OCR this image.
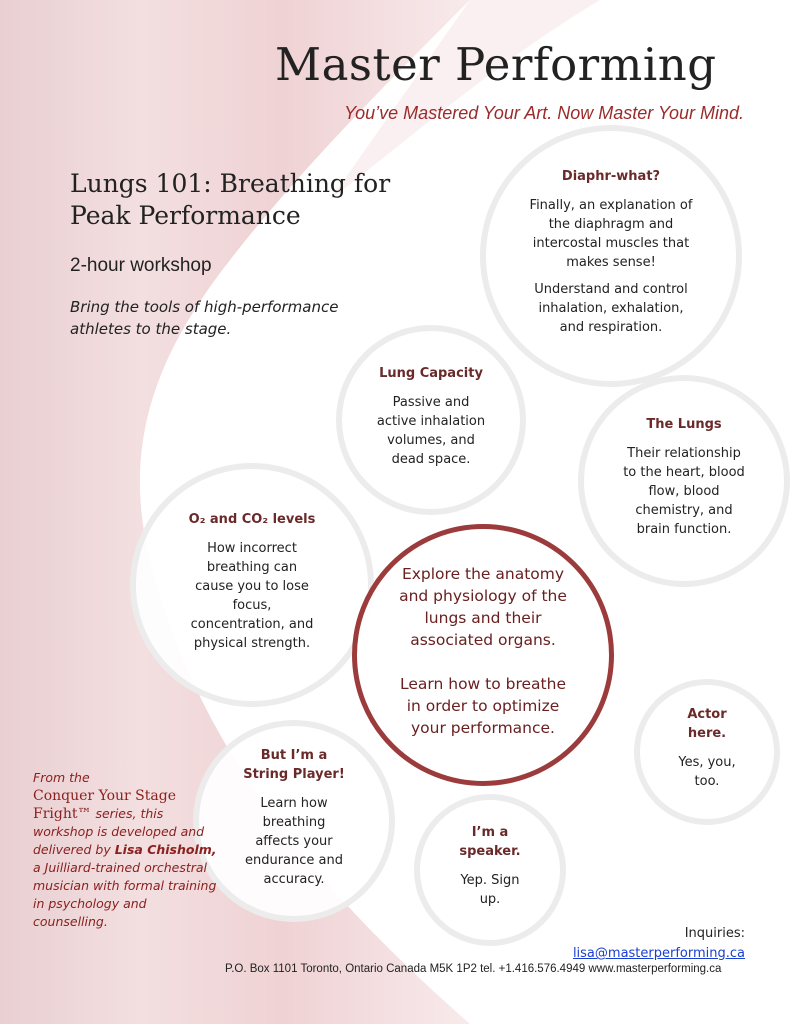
Master Performing
You’ve Mastered Your Art. Now Master Your Mind.
Lungs 101: Breathing for Peak Performance
2-hour workshop
Bring the tools of high-performance athletes to the stage.
Diaphr-what?

Finally, an explanation of the diaphragm and intercostal muscles that makes sense!

Understand and control inhalation, exhalation, and respiration.

Lung Capacity

Passive and active inhalation volumes, and dead space.

The Lungs

Their relationship to the heart, blood flow, blood chemistry, and brain function.

O₂ and CO₂ levels

How incorrect breathing can cause you to lose focus, concentration, and physical strength.

Actor here.

Yes, you, too.

But I’m a String Player!

Learn how breathing affects your endurance and accuracy.

I’m a speaker.

Yep. Sign up.

Explore the anatomy and physiology of the lungs and their associated organs.

Learn how to breathe in order to optimize your performance.

From the
Conquer Your Stage Fright™ series, this workshop is developed and delivered by Lisa Chisholm, a Juilliard-trained orchestral musician with formal training in psychology and counselling.
Inquiries:
lisa@masterperforming.ca
P.O. Box 1101 Toronto, Ontario Canada M5K 1P2 tel. +1.416.576.4949 www.masterperforming.ca
